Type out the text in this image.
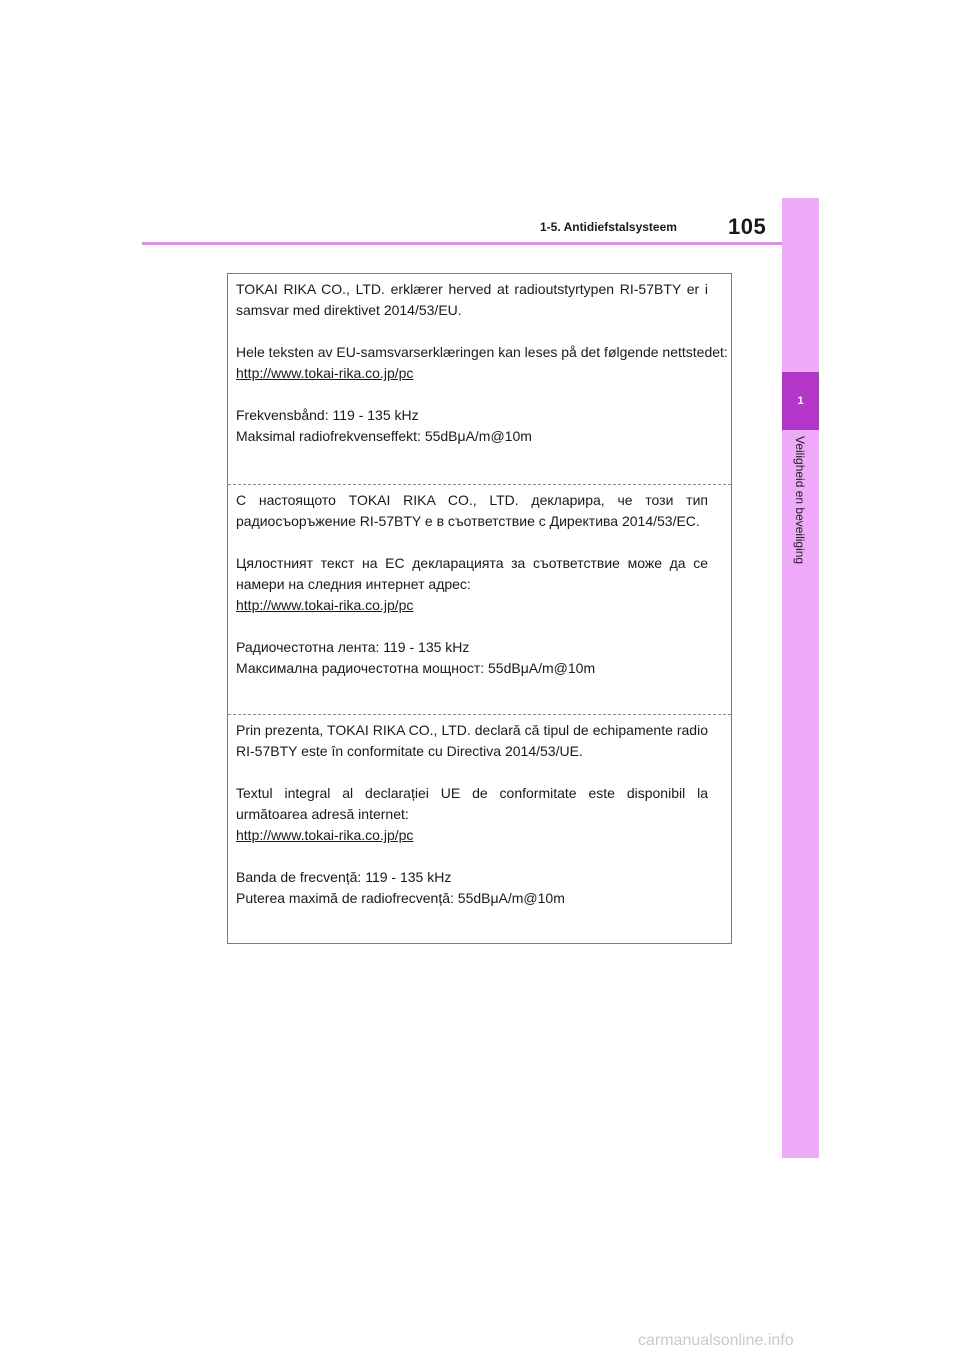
1-5. Antidiefstalsysteem	105
1
Veiligheid en beveiliging

TOKAI RIKA CO., LTD. erklærer herved at radioutstyrtypen RI-57BTY er i samsvar med direktivet 2014/53/EU.

Hele teksten av EU-samsvarserklæringen kan leses på det følgende nettstedet:

http://www.tokai-rika.co.jp/pc

Frekvensbånd: 119 - 135 kHz

Maksimal radiofrekvenseffekt: 55dBμA/m@10m

С настоящото TOKAI RIKA CO., LTD. декларира, че този тип радиосъоръжение RI-57BTY е в съответствие с Директива 2014/53/ЕС.

Цялостният текст на ЕС декларацията за съответствие може да се намери на следния интернет адрес:

http://www.tokai-rika.co.jp/pc

Радиочестотна лента: 119 - 135 kHz

Максимална радиочестотна мощност: 55dBμA/m@10m

Prin prezenta, TOKAI RIKA CO., LTD. declară că tipul de echipamente radio RI-57BTY este în conformitate cu Directiva 2014/53/UE.

Textul integral al declarației UE de conformitate este disponibil la următoarea adresă internet:

http://www.tokai-rika.co.jp/pc

Banda de frecvență: 119 - 135 kHz

Puterea maximă de radiofrecvență: 55dBμA/m@10m

carmanualsonline.info
